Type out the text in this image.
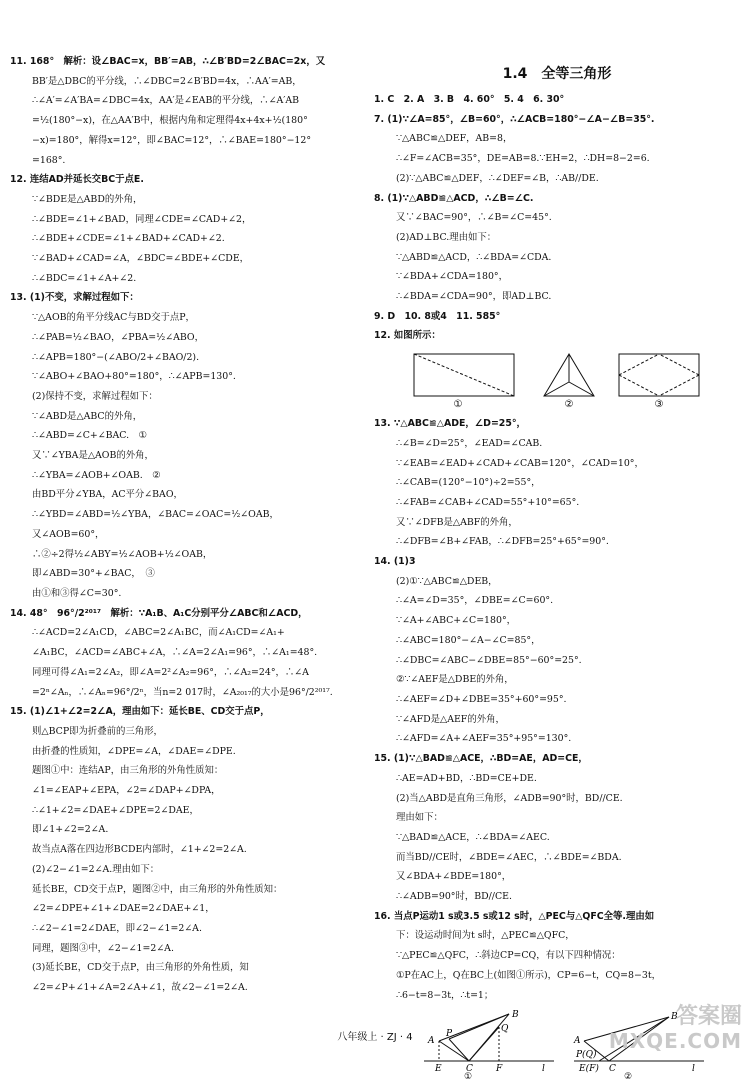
11. 168°　解析：设∠BAC=x，BB′=AB，∴∠B′BD=2∠BAC=2x，又
BB′是△DBC的平分线，∴∠DBC=2∠B′BD=4x，∴AA′=AB，
∴∠A′=∠A′BA=∠DBC=4x，AA′是∠EAB的平分线，∴∠A′AB
=½(180°−x)，在△AA′B中，根据内角和定理得4x+4x+½(180°
−x)=180°，解得x=12°，即∠BAC=12°，∴∠BAE=180°−12°
=168°.
12. 连结AD并延长交BC于点E.
∵∠BDE是△ABD的外角，
∴∠BDE=∠1+∠BAD，同理∠CDE=∠CAD+∠2，
∴∠BDE+∠CDE=∠1+∠BAD+∠CAD+∠2.
∵∠BAD+∠CAD=∠A，∠BDC=∠BDE+∠CDE，
∴∠BDC=∠1+∠A+∠2.
13. (1)不变，求解过程如下：
∵△AOB的角平分线AC与BD交于点P，
∴∠PAB=½∠BAO，∠PBA=½∠ABO，
∴∠APB=180°−(∠ABO/2+∠BAO/2).
∵∠ABO+∠BAO+80°=180°，∴∠APB=130°.
(2)保持不变，求解过程如下：
∵∠ABD是△ABC的外角，
∴∠ABD=∠C+∠BAC.　①
又∵∠YBA是△AOB的外角，
∴∠YBA=∠AOB+∠OAB.　②
由BD平分∠YBA，AC平分∠BAO，
∴∠YBD=∠ABD=½∠YBA，∠BAC=∠OAC=½∠OAB，
又∠AOB=60°，
∴②÷2得½∠ABY=½∠AOB+½∠OAB，
即∠ABD=30°+∠BAC，　③
由①和③得∠C=30°.
14. 48°　96°/2²⁰¹⁷　解析：∵A₁B、A₁C分别平分∠ABC和∠ACD，
∴∠ACD=2∠A₁CD，∠ABC=2∠A₁BC，而∠A₁CD=∠A₁+
∠A₁BC，∠ACD=∠ABC+∠A，∴∠A=2∠A₁=96°，∴∠A₁=48°.
同理可得∠A₁=2∠A₂，即∠A=2²∠A₂=96°，∴∠A₂=24°，∴∠A
=2ⁿ∠Aₙ，∴∠Aₙ=96°/2ⁿ，当n=2 017时，∠A₂₀₁₇的大小是96°/2²⁰¹⁷.
15. (1)∠1+∠2=2∠A，理由如下：延长BE、CD交于点P，
则△BCP即为折叠前的三角形，
由折叠的性质知，∠DPE=∠A，∠DAE=∠DPE.
题图①中：连结AP，由三角形的外角性质知：
∠1=∠EAP+∠EPA，∠2=∠DAP+∠DPA，
∴∠1+∠2=∠DAE+∠DPE=2∠DAE，
即∠1+∠2=2∠A.
故当点A落在四边形BCDE内部时，∠1+∠2=2∠A.
(2)∠2−∠1=2∠A.理由如下：
延长BE，CD交于点P，题图②中，由三角形的外角性质知：
∠2=∠DPE+∠1+∠DAE=2∠DAE+∠1，
∴∠2−∠1=2∠DAE，即∠2−∠1=2∠A.
同理，题图③中，∠2−∠1=2∠A.
(3)延长BE，CD交于点P，由三角形的外角性质，知
∠2=∠P+∠1+∠A=2∠A+∠1，故∠2−∠1=2∠A.
1.4　全等三角形
1. C　2. A　3. B　4. 60°　5. 4　6. 30°
7. (1)∵∠A=85°，∠B=60°，∴∠ACB=180°−∠A−∠B=35°.
∵△ABC≌△DEF，AB=8，
∴∠F=∠ACB=35°，DE=AB=8.∵EH=2，∴DH=8−2=6.
(2)∵△ABC≌△DEF，∴∠DEF=∠B，∴AB//DE.
8. (1)∵△ABD≌△ACD，∴∠B=∠C.
又∵∠BAC=90°，∴∠B=∠C=45°.
(2)AD⊥BC.理由如下：
∵△ABD≌△ACD，∴∠BDA=∠CDA.
∵∠BDA+∠CDA=180°，
∴∠BDA=∠CDA=90°，即AD⊥BC.
9. D　10. 8或4　11. 585°
12. 如图所示：
①	②	③
13. ∵△ABC≌△ADE，∠D=25°，
∴∠B=∠D=25°，∠EAD=∠CAB.
∵∠EAB=∠EAD+∠CAD+∠CAB=120°，∠CAD=10°，
∴∠CAB=(120°−10°)÷2=55°，
∴∠FAB=∠CAB+∠CAD=55°+10°=65°.
又∵∠DFB是△ABF的外角，
∴∠DFB=∠B+∠FAB，∴∠DFB=25°+65°=90°.
14. (1)3
(2)①∵△ABC≌△DEB，
∴∠A=∠D=35°，∠DBE=∠C=60°.
∵∠A+∠ABC+∠C=180°，
∴∠ABC=180°−∠A−∠C=85°，
∴∠DBC=∠ABC−∠DBE=85°−60°=25°.
②∵∠AEF是△DBE的外角，
∴∠AEF=∠D+∠DBE=35°+60°=95°.
∵∠AFD是△AEF的外角，
∴∠AFD=∠A+∠AEF=35°+95°=130°.
15. (1)∵△BAD≌△ACE，∴BD=AE，AD=CE，
∴AE=AD+BD，∴BD=CE+DE.
(2)当△ABD是直角三角形，∠ADB=90°时，BD//CE.
理由如下：
∵△BAD≌△ACE，∴∠BDA=∠AEC.
而当BD//CE时，∠BDE=∠AEC，∴∠BDE=∠BDA.
又∠BDA+∠BDE=180°，
∴∠ADB=90°时，BD//CE.
16. 当点P运动1 s或3.5 s或12 s时，△PEC与△QFC全等.理由如
下：设运动时间为t s时，△PEC≌△QFC，
∵△PEC≌△QFC，∴斜边CP=CQ，有以下四种情况：
①P在AC上，Q在BC上(如图①所示)，CP=6−t，CQ=8−3t，
∴6−t=8−3t，∴t=1；
A
B
P	Q
E	C	F	l
①
A
B
P(Q)
E(F) C	l
②
八年级上 · ZJ · 4
答案圈
MXQE.COM
